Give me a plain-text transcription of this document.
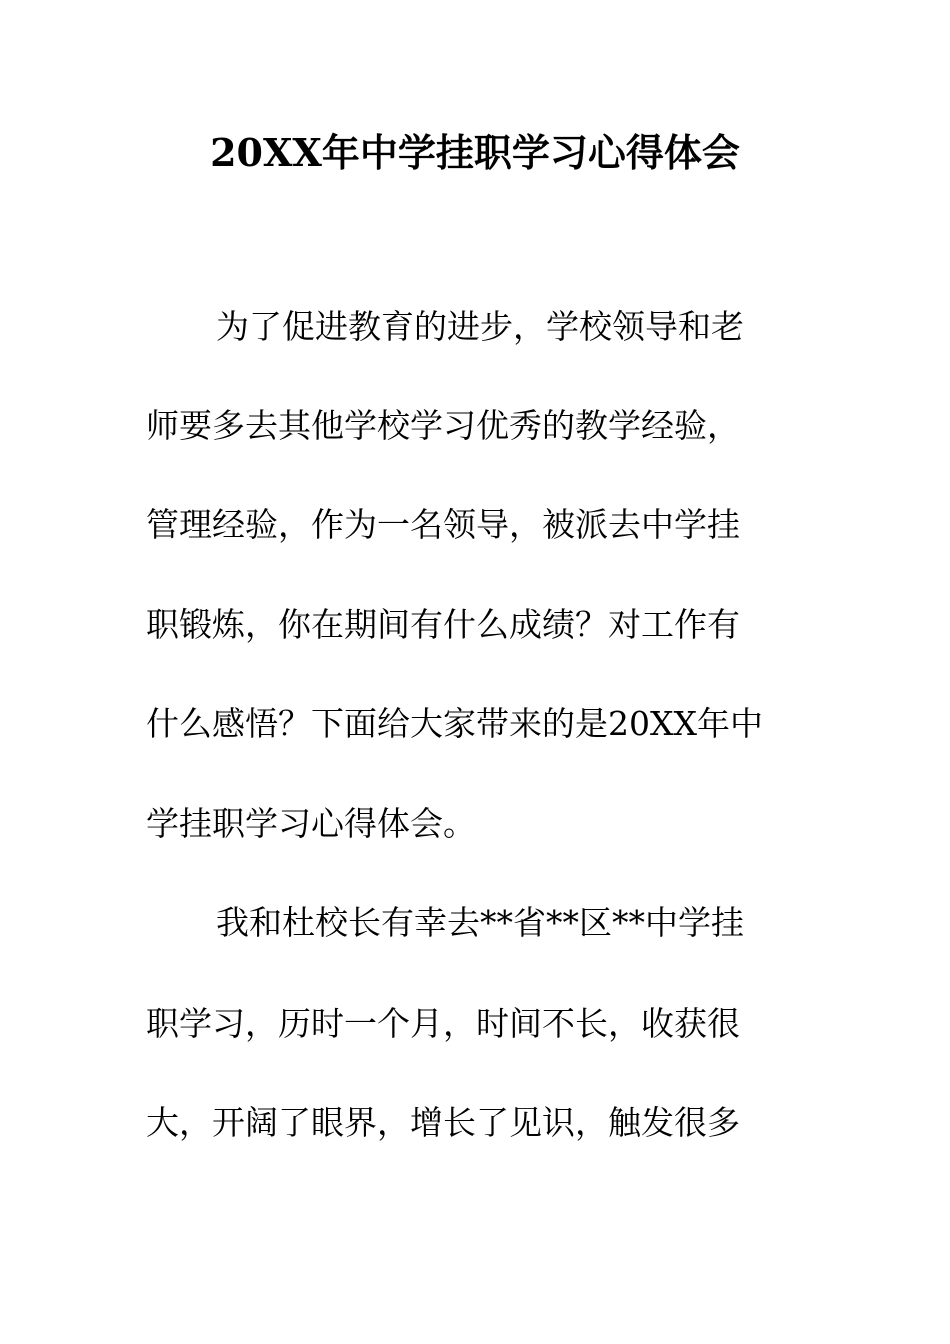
20XX年中学挂职学习心得体会
为了促进教育的进步，学校领导和老
师要多去其他学校学习优秀的教学经验，
管理经验，作为一名领导，被派去中学挂
职锻炼，你在期间有什么成绩？对工作有
什么感悟？下面给大家带来的是20XX年中
学挂职学习心得体会。
我和杜校长有幸去**省**区**中学挂
职学习，历时一个月，时间不长，收获很
大，开阔了眼界，增长了见识，触发很多
